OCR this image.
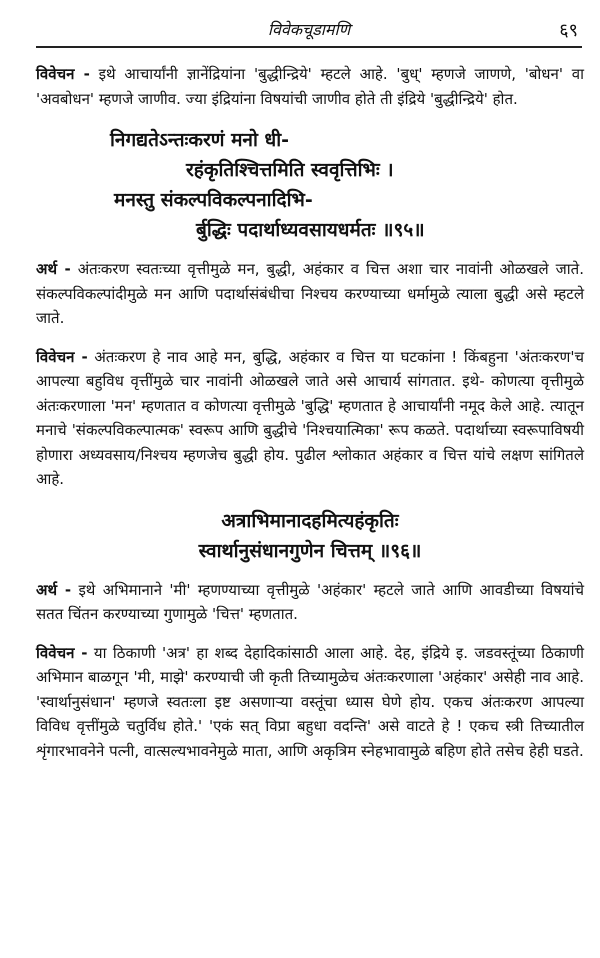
विवेकचूडामणि	६९

विवेचन - इथे आचार्यांनी ज्ञानेंद्रियांना 'बुद्धीन्द्रिये' म्हटले आहे. 'बुध्' म्हणजे जाणणे, 'बोधन' वा 'अवबोधन' म्हणजे जाणीव. ज्या इंद्रियांना विषयांची जाणीव होते ती इंद्रिये 'बुद्धीन्द्रिये' होत.

निगद्यतेऽन्तःकरणं मनो धी-
रहंकृतिश्चित्तमिति स्ववृत्तिभिः ।
मनस्तु संकल्पविकल्पनादिभि-
र्बुद्धिः पदार्थाध्यवसायधर्मतः ॥९५॥

अर्थ - अंतःकरण स्वतःच्या वृत्तीमुळे मन, बुद्धी, अहंकार व चित्त अशा चार नावांनी ओळखले जाते. संकल्पविकल्पांदीमुळे मन आणि पदार्थासंबंधीचा निश्चय करण्याच्या धर्मामुळे त्याला बुद्धी असे म्हटले जाते.

विवेचन - अंतःकरण हे नाव आहे मन, बुद्धि, अहंकार व चित्त या घटकांना ! किंबहुना 'अंतःकरण'च आपल्या बहुविध वृत्तींमुळे चार नावांनी ओळखले जाते असे आचार्य सांगतात. इथे- कोणत्या वृत्तीमुळे अंतःकरणाला 'मन' म्हणतात व कोणत्या वृत्तीमुळे 'बुद्धि' म्हणतात हे आचार्यांनी नमूद केले आहे. त्यातून मनाचे 'संकल्पविकल्पात्मक' स्वरूप आणि बुद्धीचे 'निश्चयात्मिका' रूप कळते. पदार्थाच्या स्वरूपाविषयी होणारा अध्यवसाय/निश्चय म्हणजेच बुद्धी होय. पुढील श्लोकात अहंकार व चित्त यांचे लक्षण सांगितले आहे.

अत्राभिमानादहमित्यहंकृतिः
स्वार्थानुसंधानगुणेन चित्तम् ॥९६॥

अर्थ - इथे अभिमानाने 'मी' म्हणण्याच्या वृत्तीमुळे 'अहंकार' म्हटले जाते आणि आवडीच्या विषयांचे सतत चिंतन करण्याच्या गुणामुळे 'चित्त' म्हणतात.

विवेचन - या ठिकाणी 'अत्र' हा शब्द देहादिकांसाठी आला आहे. देह, इंद्रिये इ. जडवस्तूंच्या ठिकाणी अभिमान बाळगून 'मी, माझे' करण्याची जी कृती तिच्यामुळेच अंतःकरणाला 'अहंकार' असेही नाव आहे. 'स्वार्थानुसंधान' म्हणजे स्वतःला इष्ट असणाऱ्या वस्तूंचा ध्यास घेणे होय. एकच अंतःकरण आपल्या विविध वृत्तींमुळे चतुर्विध होते.' 'एकं सत् विप्रा बहुधा वदन्ति' असे वाटते हे ! एकच स्त्री तिच्यातील शृंगारभावनेने पत्नी, वात्सल्यभावनेमुळे माता, आणि अकृत्रिम स्नेहभावामुळे बहिण होते तसेच हेही घडते.
